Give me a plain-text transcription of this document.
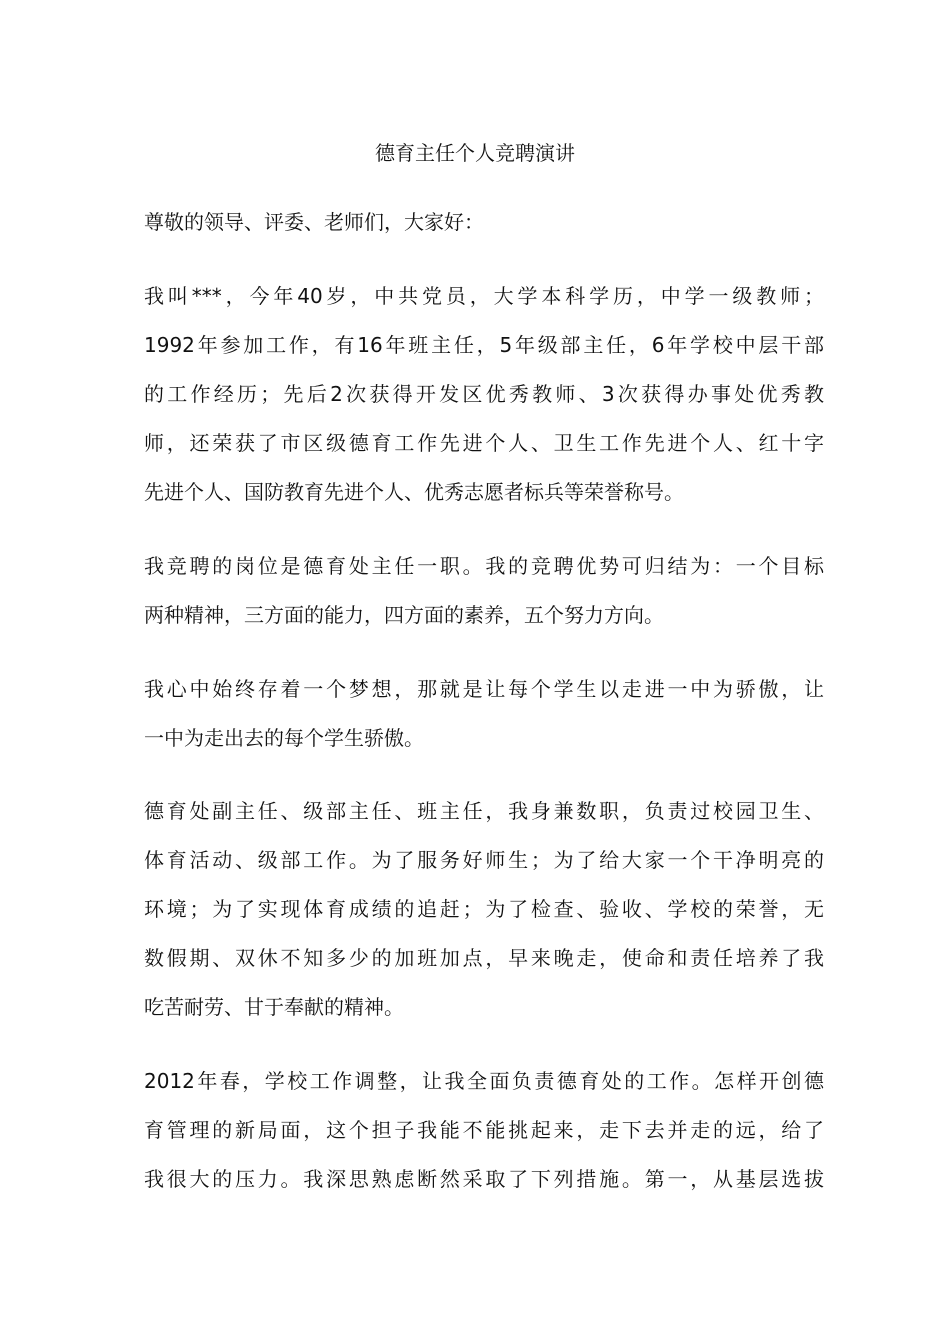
德育主任个人竞聘演讲

尊敬的领导、评委、老师们，大家好：

我叫***，今年40岁，中共党员，大学本科学历，中学一级教师；
1992年参加工作，有16年班主任，5年级部主任，6年学校中层干部
的工作经历；先后2次获得开发区优秀教师、3次获得办事处优秀教
师，还荣获了市区级德育工作先进个人、卫生工作先进个人、红十字
先进个人、国防教育先进个人、优秀志愿者标兵等荣誉称号。

我竞聘的岗位是德育处主任一职。我的竞聘优势可归结为：一个目标
两种精神，三方面的能力，四方面的素养，五个努力方向。

我心中始终存着一个梦想，那就是让每个学生以走进一中为骄傲，让
一中为走出去的每个学生骄傲。

德育处副主任、级部主任、班主任，我身兼数职，负责过校园卫生、
体育活动、级部工作。为了服务好师生；为了给大家一个干净明亮的
环境；为了实现体育成绩的追赶；为了检查、验收、学校的荣誉，无
数假期、双休不知多少的加班加点，早来晚走，使命和责任培养了我
吃苦耐劳、甘于奉献的精神。

2012年春，学校工作调整，让我全面负责德育处的工作。怎样开创德
育管理的新局面，这个担子我能不能挑起来，走下去并走的远，给了
我很大的压力。我深思熟虑断然采取了下列措施。第一，从基层选拔
